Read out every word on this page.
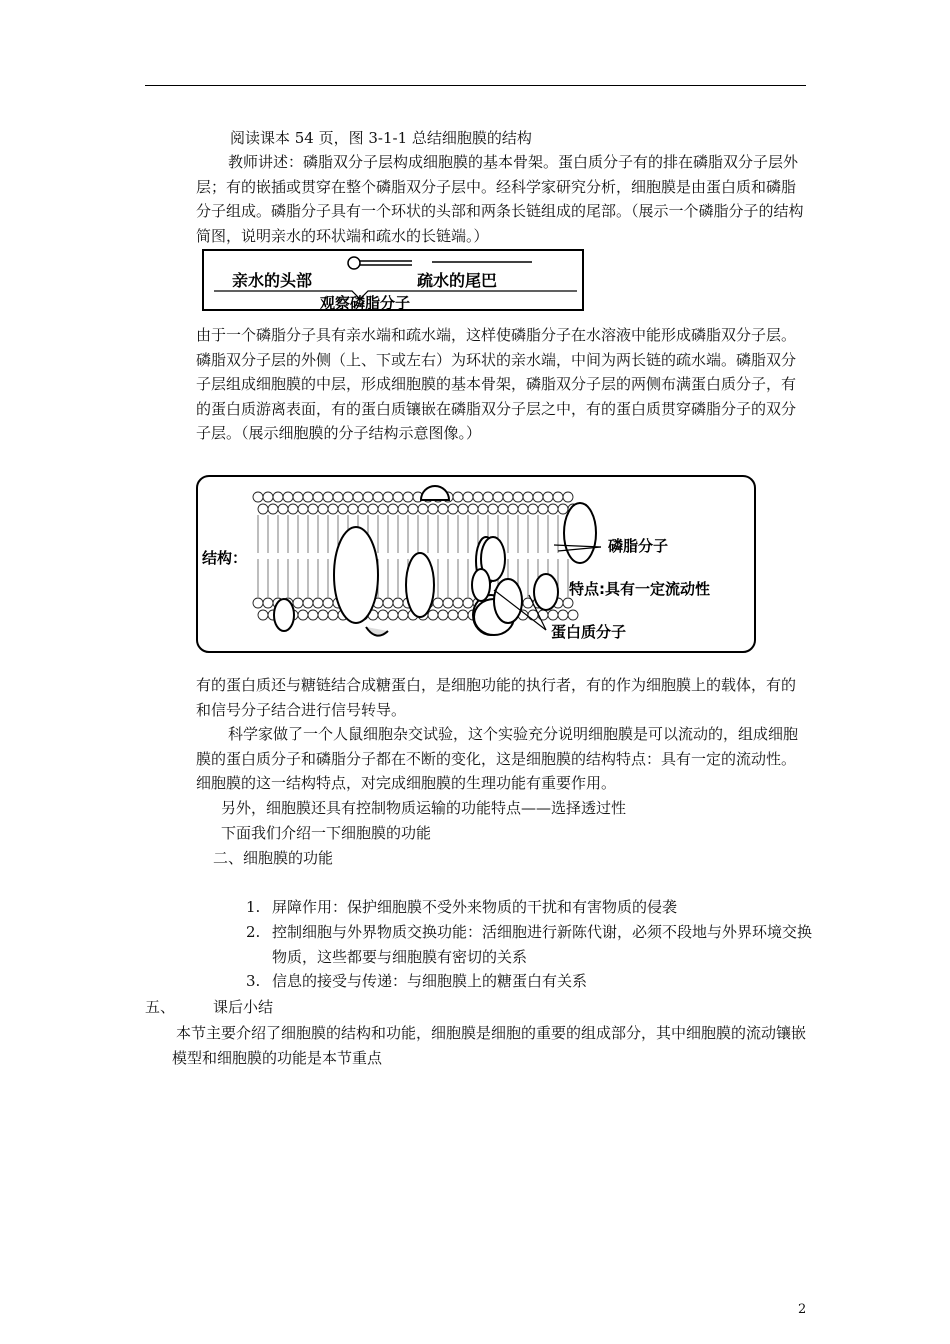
阅读课本 54 页，图 3-1-1 总结细胞膜的结构

教师讲述：磷脂双分子层构成细胞膜的基本骨架。蛋白质分子有的排在磷脂双分子层外层；有的嵌插或贯穿在整个磷脂双分子层中。经科学家研究分析，细胞膜是由蛋白质和磷脂分子组成。磷脂分子具有一个环状的头部和两条长链组成的尾部。（展示一个磷脂分子的结构简图，说明亲水的环状端和疏水的长链端。）

亲水的头部	疏水的尾巴
观察磷脂分子

由于一个磷脂分子具有亲水端和疏水端，这样使磷脂分子在水溶液中能形成磷脂双分子层。磷脂双分子层的外侧（上、下或左右）为环状的亲水端，中间为两长链的疏水端。磷脂双分子层组成细胞膜的中层，形成细胞膜的基本骨架，磷脂双分子层的两侧布满蛋白质分子，有的蛋白质游离表面，有的蛋白质镶嵌在磷脂双分子层之中，有的蛋白质贯穿磷脂分子的双分子层。（展示细胞膜的分子结构示意图像。）

结构：
磷脂分子
特点:具有一定流动性
蛋白质分子

有的蛋白质还与糖链结合成糖蛋白，是细胞功能的执行者，有的作为细胞膜上的载体，有的和信号分子结合进行信号转导。

科学家做了一个人鼠细胞杂交试验，这个实验充分说明细胞膜是可以流动的，组成细胞膜的蛋白质分子和磷脂分子都在不断的变化，这是细胞膜的结构特点：具有一定的流动性。细胞膜的这一结构特点，对完成细胞膜的生理功能有重要作用。

另外，细胞膜还具有控制物质运输的功能特点——选择透过性

下面我们介绍一下细胞膜的功能

二、细胞膜的功能

1. 屏障作用：保护细胞膜不受外来物质的干扰和有害物质的侵袭

2. 控制细胞与外界物质交换功能：活细胞进行新陈代谢，必须不段地与外界环境交换物质，这些都要与细胞膜有密切的关系

3. 信息的接受与传递：与细胞膜上的糖蛋白有关系

五、	课后小结

本节主要介绍了细胞膜的结构和功能，细胞膜是细胞的重要的组成部分，其中细胞膜的流动镶嵌模型和细胞膜的功能是本节重点

2
